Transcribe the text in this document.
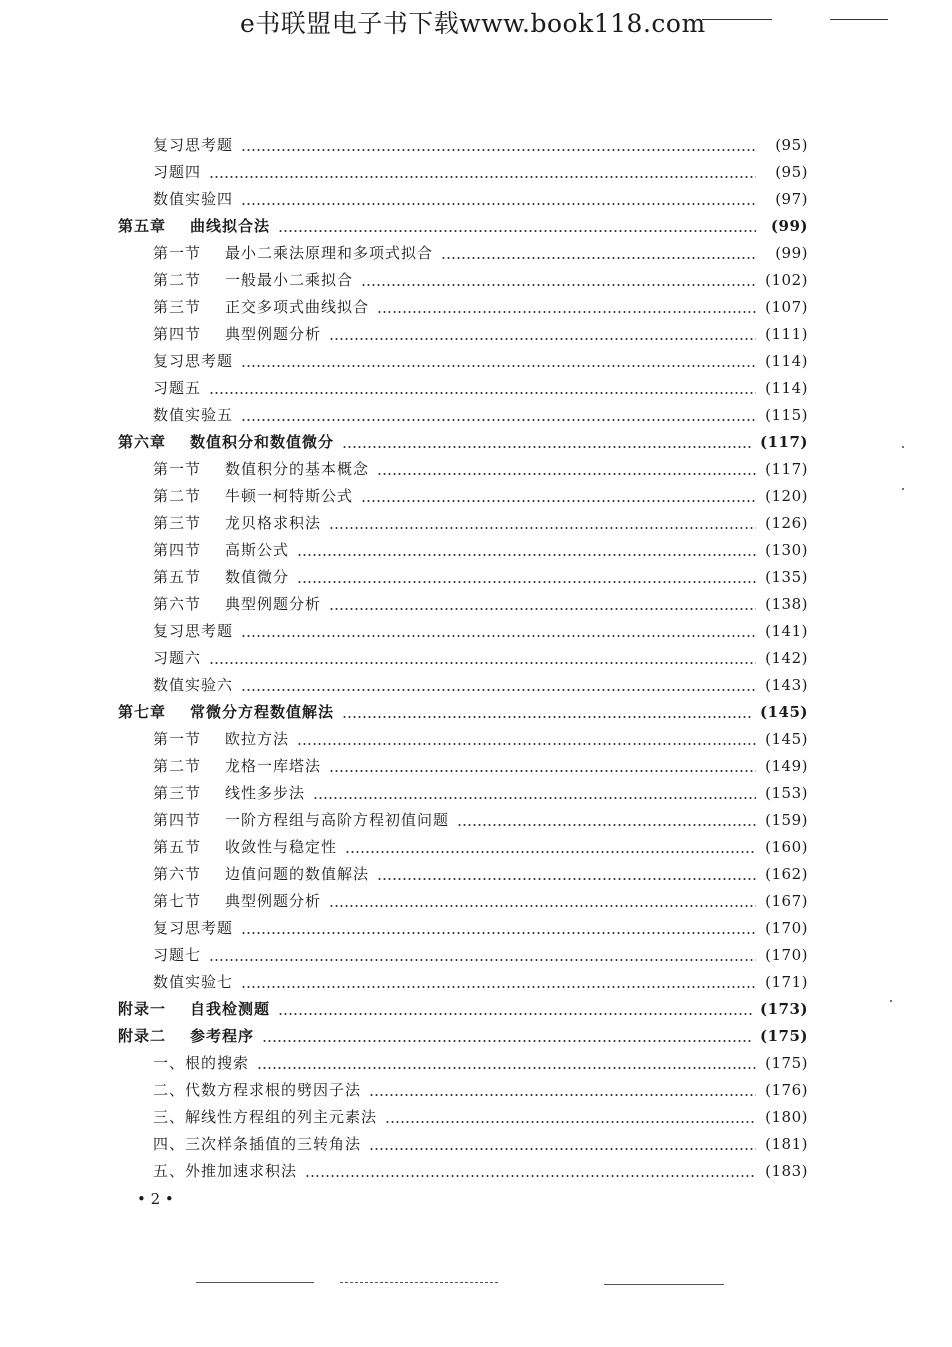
e书联盟电子书下载www.book118.com
复习思考题	(95)
习题四	(95)
数值实验四	(97)
第五章 曲线拟合法	(99)
第一节 最小二乘法原理和多项式拟合	(99)
第二节 一般最小二乘拟合	(102)
第三节 正交多项式曲线拟合	(107)
第四节 典型例题分析	(111)
复习思考题	(114)
习题五	(114)
数值实验五	(115)
第六章 数值积分和数值微分	(117)
第一节 数值积分的基本概念	(117)
第二节 牛顿一柯特斯公式	(120)
第三节 龙贝格求积法	(126)
第四节 高斯公式	(130)
第五节 数值微分	(135)
第六节 典型例题分析	(138)
复习思考题	(141)
习题六	(142)
数值实验六	(143)
第七章 常微分方程数值解法	(145)
第一节 欧拉方法	(145)
第二节 龙格一库塔法	(149)
第三节 线性多步法	(153)
第四节 一阶方程组与高阶方程初值问题	(159)
第五节 收敛性与稳定性	(160)
第六节 边值问题的数值解法	(162)
第七节 典型例题分析	(167)
复习思考题	(170)
习题七	(170)
数值实验七	(171)
附录一 自我检测题	(173)
附录二 参考程序	(175)
一、根的搜索	(175)
二、代数方程求根的劈因子法	(176)
三、解线性方程组的列主元素法	(180)
四、三次样条插值的三转角法	(181)
五、外推加速求积法	(183)
• 2 •
